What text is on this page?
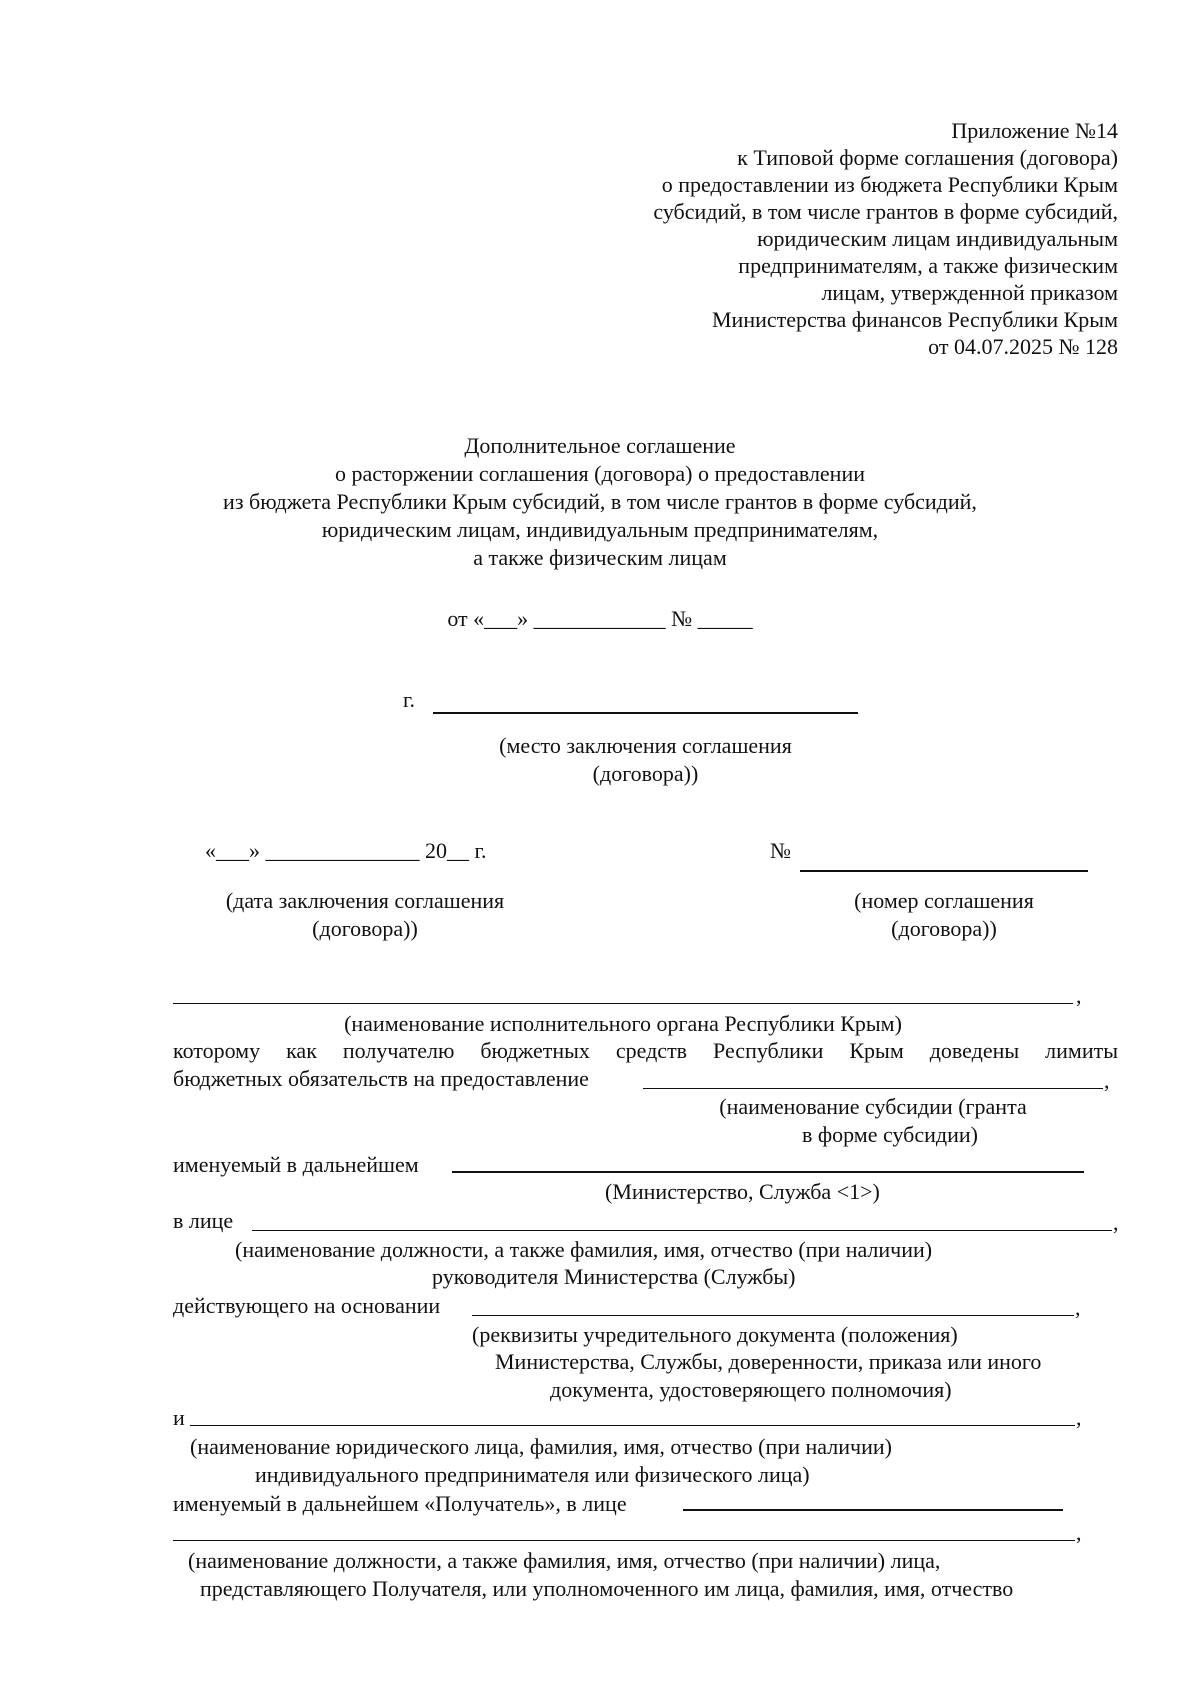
Приложение №14
к Типовой форме соглашения (договора)
о предоставлении из бюджета Республики Крым
субсидий, в том числе грантов в форме субсидий,
юридическим лицам индивидуальным
предпринимателям, а также физическим
лицам, утвержденной приказом
Министерства финансов Республики Крым
от 04.07.2025 № 128
Дополнительное соглашение
о расторжении соглашения (договора) о предоставлении
из бюджета Республики Крым субсидий, в том числе грантов в форме субсидий,
юридическим лицам, индивидуальным предпринимателям,
а также физическим лицам
от «___» ____________ № _____
г.
(место заключения соглашения
(договора))
«___» ______________ 20__ г.
(дата заключения соглашения
(договора))
№
(номер соглашения
(договора))
,
(наименование исполнительного органа Республики Крым)
которому как получателю бюджетных средств Республики Крым доведены лимиты
бюджетных обязательств на предоставление	,
(наименование субсидии (гранта
в форме субсидии)
именуемый в дальнейшем
(Министерство, Служба <1>)
в лице	,
(наименование должности, а также фамилия, имя, отчество (при наличии)
руководителя Министерства (Службы)
действующего на основании	,
(реквизиты учредительного документа (положения)
Министерства, Службы, доверенности, приказа или иного
документа, удостоверяющего полномочия)
и	,
(наименование юридического лица, фамилия, имя, отчество (при наличии)
индивидуального предпринимателя или физического лица)
именуемый в дальнейшем «Получатель», в лице
,
(наименование должности, а также фамилия, имя, отчество (при наличии) лица,
представляющего Получателя, или уполномоченного им лица, фамилия, имя, отчество
